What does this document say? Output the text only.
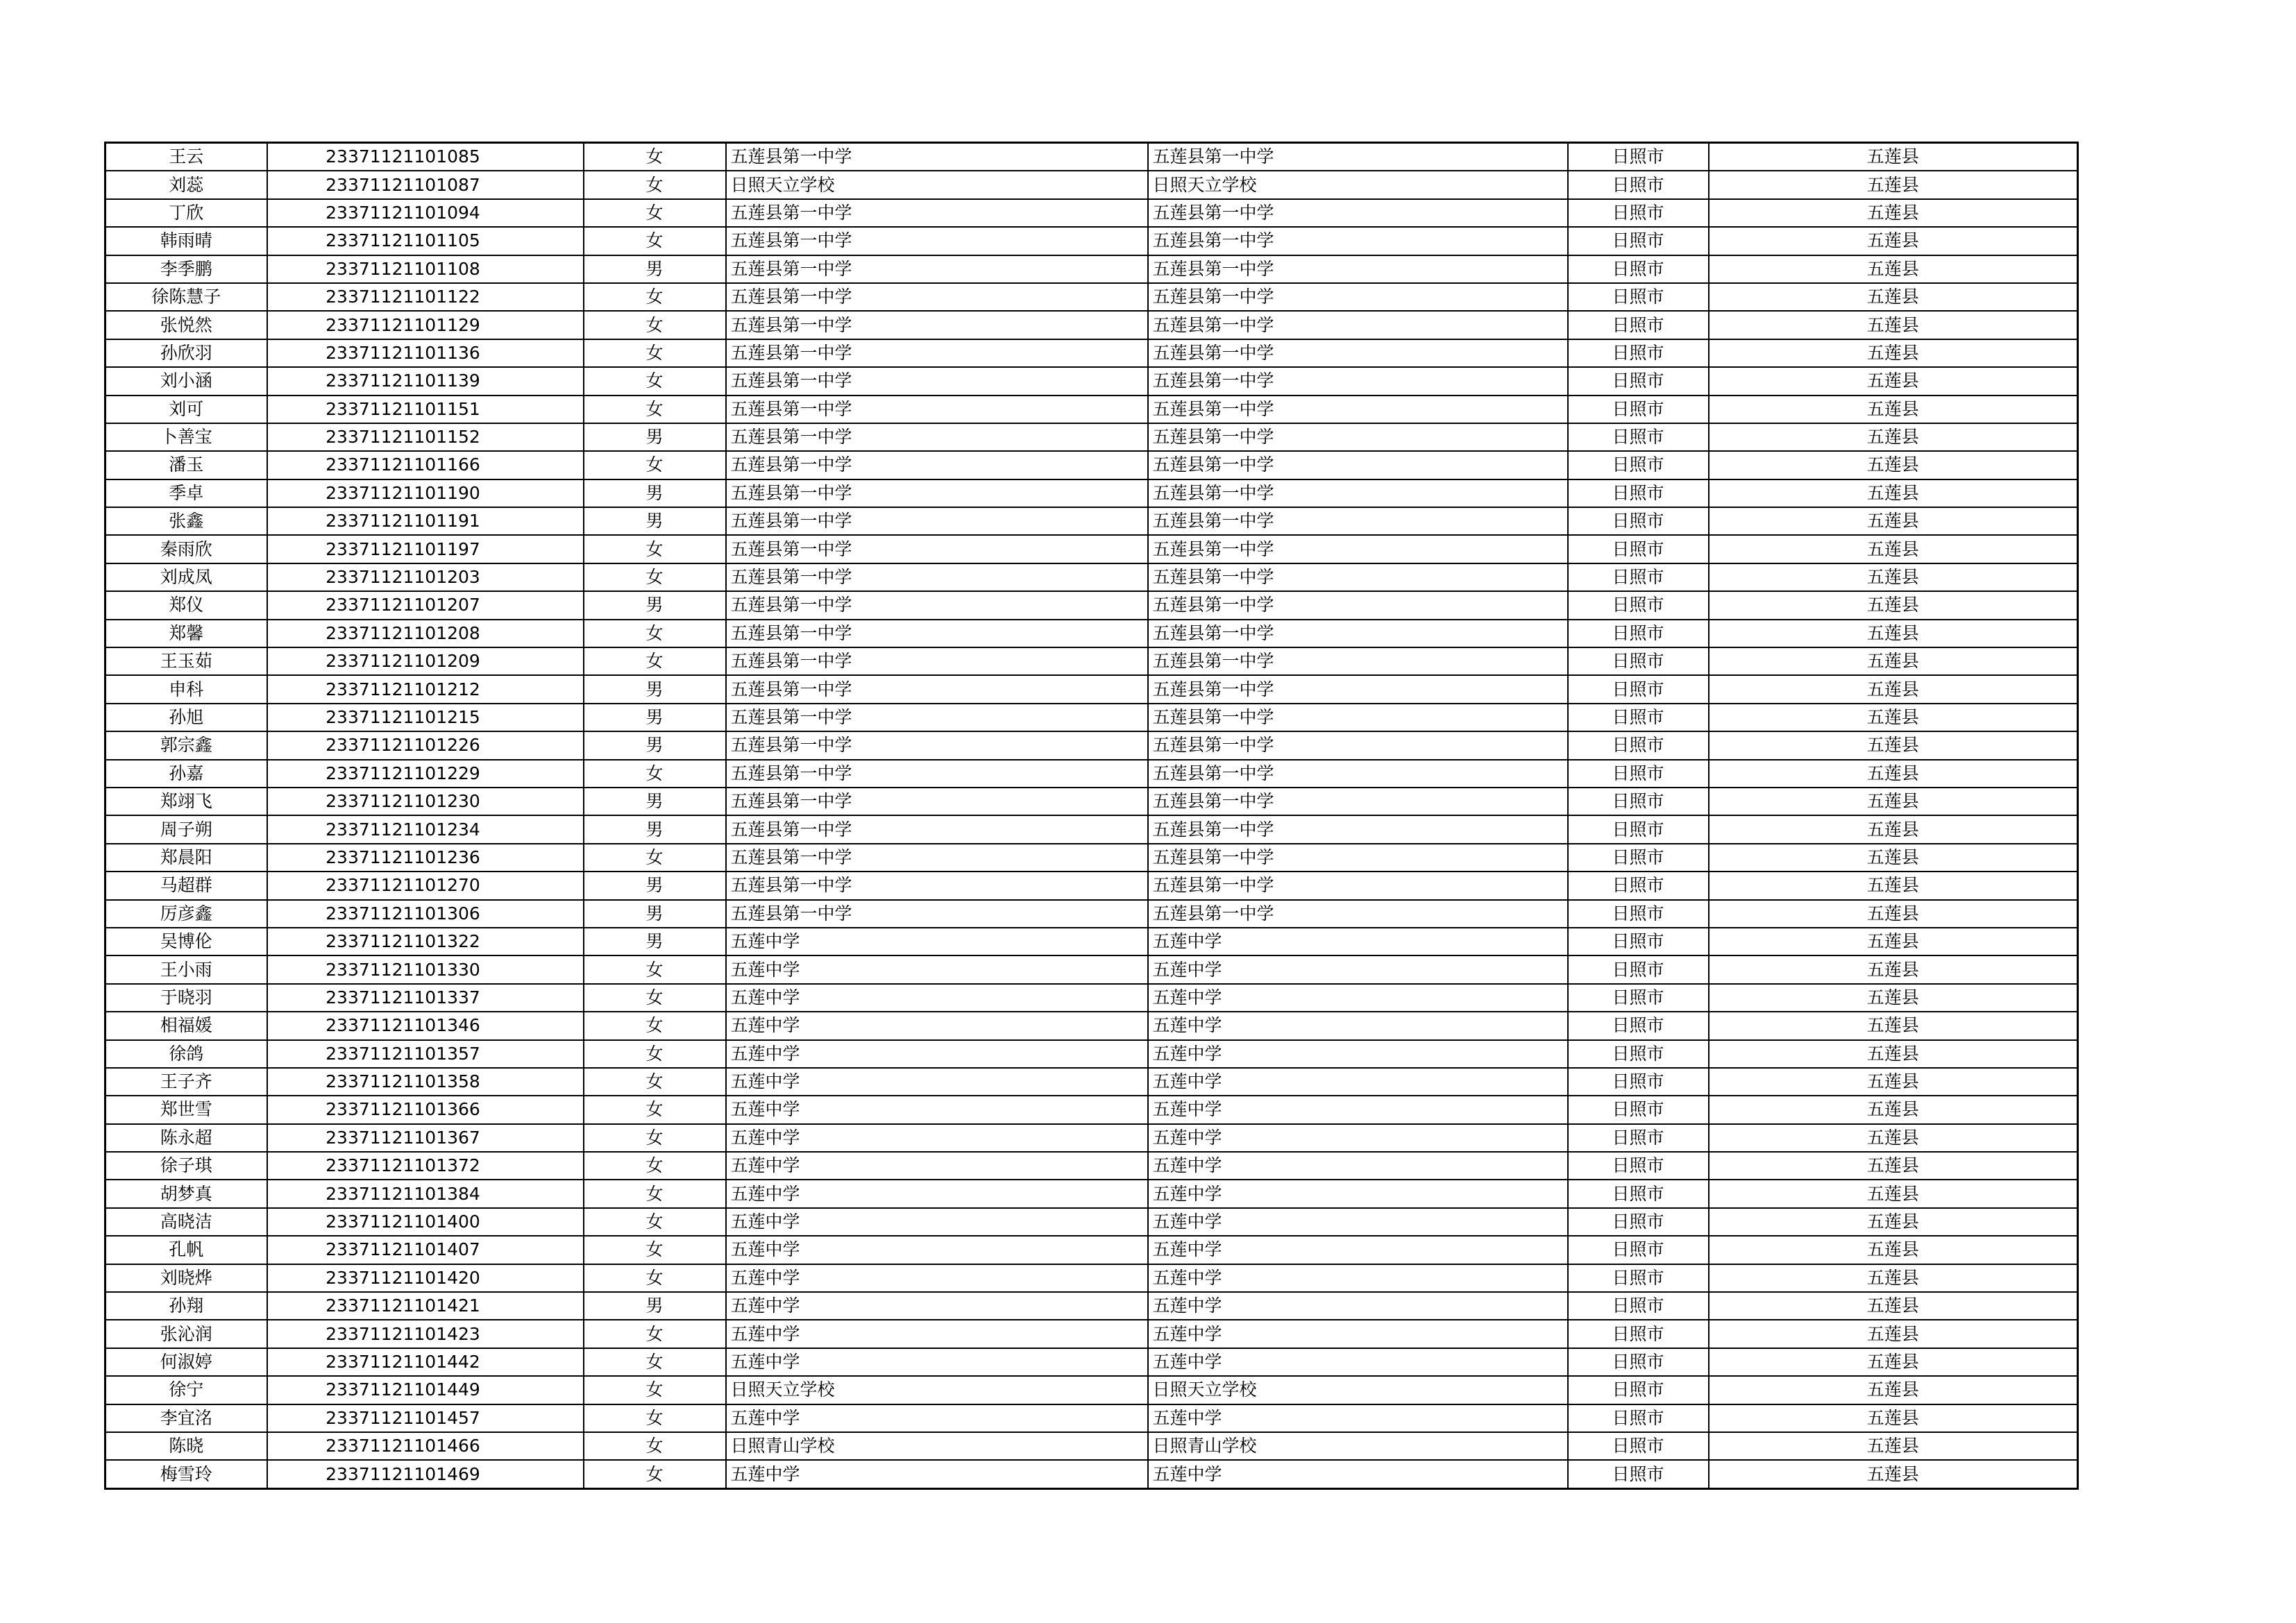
王云	23371121101085	女	五莲县第一中学	五莲县第一中学	日照市	五莲县
刘蕊	23371121101087	女	日照天立学校	日照天立学校	日照市	五莲县
丁欣	23371121101094	女	五莲县第一中学	五莲县第一中学	日照市	五莲县
韩雨晴	23371121101105	女	五莲县第一中学	五莲县第一中学	日照市	五莲县
李季鹏	23371121101108	男	五莲县第一中学	五莲县第一中学	日照市	五莲县
徐陈慧子	23371121101122	女	五莲县第一中学	五莲县第一中学	日照市	五莲县
张悦然	23371121101129	女	五莲县第一中学	五莲县第一中学	日照市	五莲县
孙欣羽	23371121101136	女	五莲县第一中学	五莲县第一中学	日照市	五莲县
刘小涵	23371121101139	女	五莲县第一中学	五莲县第一中学	日照市	五莲县
刘可	23371121101151	女	五莲县第一中学	五莲县第一中学	日照市	五莲县
卜善宝	23371121101152	男	五莲县第一中学	五莲县第一中学	日照市	五莲县
潘玉	23371121101166	女	五莲县第一中学	五莲县第一中学	日照市	五莲县
季卓	23371121101190	男	五莲县第一中学	五莲县第一中学	日照市	五莲县
张鑫	23371121101191	男	五莲县第一中学	五莲县第一中学	日照市	五莲县
秦雨欣	23371121101197	女	五莲县第一中学	五莲县第一中学	日照市	五莲县
刘成凤	23371121101203	女	五莲县第一中学	五莲县第一中学	日照市	五莲县
郑仪	23371121101207	男	五莲县第一中学	五莲县第一中学	日照市	五莲县
郑馨	23371121101208	女	五莲县第一中学	五莲县第一中学	日照市	五莲县
王玉茹	23371121101209	女	五莲县第一中学	五莲县第一中学	日照市	五莲县
申科	23371121101212	男	五莲县第一中学	五莲县第一中学	日照市	五莲县
孙旭	23371121101215	男	五莲县第一中学	五莲县第一中学	日照市	五莲县
郭宗鑫	23371121101226	男	五莲县第一中学	五莲县第一中学	日照市	五莲县
孙嘉	23371121101229	女	五莲县第一中学	五莲县第一中学	日照市	五莲县
郑翊飞	23371121101230	男	五莲县第一中学	五莲县第一中学	日照市	五莲县
周子朔	23371121101234	男	五莲县第一中学	五莲县第一中学	日照市	五莲县
郑晨阳	23371121101236	女	五莲县第一中学	五莲县第一中学	日照市	五莲县
马超群	23371121101270	男	五莲县第一中学	五莲县第一中学	日照市	五莲县
厉彦鑫	23371121101306	男	五莲县第一中学	五莲县第一中学	日照市	五莲县
吴博伦	23371121101322	男	五莲中学	五莲中学	日照市	五莲县
王小雨	23371121101330	女	五莲中学	五莲中学	日照市	五莲县
于晓羽	23371121101337	女	五莲中学	五莲中学	日照市	五莲县
相福媛	23371121101346	女	五莲中学	五莲中学	日照市	五莲县
徐鸽	23371121101357	女	五莲中学	五莲中学	日照市	五莲县
王子齐	23371121101358	女	五莲中学	五莲中学	日照市	五莲县
郑世雪	23371121101366	女	五莲中学	五莲中学	日照市	五莲县
陈永超	23371121101367	女	五莲中学	五莲中学	日照市	五莲县
徐子琪	23371121101372	女	五莲中学	五莲中学	日照市	五莲县
胡梦真	23371121101384	女	五莲中学	五莲中学	日照市	五莲县
高晓洁	23371121101400	女	五莲中学	五莲中学	日照市	五莲县
孔帆	23371121101407	女	五莲中学	五莲中学	日照市	五莲县
刘晓烨	23371121101420	女	五莲中学	五莲中学	日照市	五莲县
孙翔	23371121101421	男	五莲中学	五莲中学	日照市	五莲县
张沁润	23371121101423	女	五莲中学	五莲中学	日照市	五莲县
何淑婷	23371121101442	女	五莲中学	五莲中学	日照市	五莲县
徐宁	23371121101449	女	日照天立学校	日照天立学校	日照市	五莲县
李宜洺	23371121101457	女	五莲中学	五莲中学	日照市	五莲县
陈晓	23371121101466	女	日照青山学校	日照青山学校	日照市	五莲县
梅雪玲	23371121101469	女	五莲中学	五莲中学	日照市	五莲县
